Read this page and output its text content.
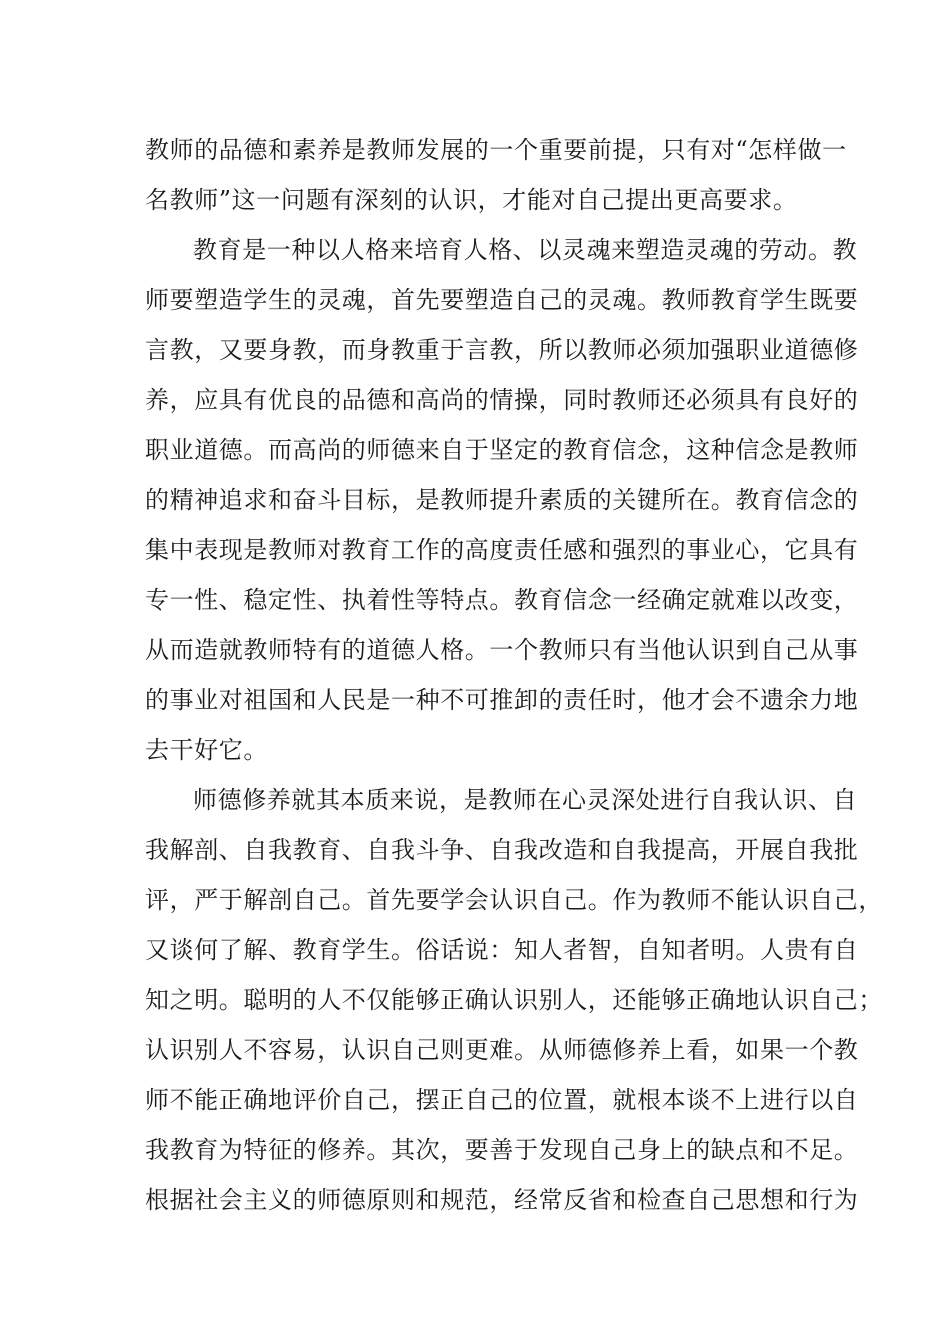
教师的品德和素养是教师发展的一个重要前提，只有对“怎样做一
名教师”这一问题有深刻的认识，才能对自己提出更高要求。
教育是一种以人格来培育人格、以灵魂来塑造灵魂的劳动。教
师要塑造学生的灵魂，首先要塑造自己的灵魂。教师教育学生既要
言教，又要身教，而身教重于言教，所以教师必须加强职业道德修
养，应具有优良的品德和高尚的情操，同时教师还必须具有良好的
职业道德。而高尚的师德来自于坚定的教育信念，这种信念是教师
的精神追求和奋斗目标，是教师提升素质的关键所在。教育信念的
集中表现是教师对教育工作的高度责任感和强烈的事业心，它具有
专一性、稳定性、执着性等特点。教育信念一经确定就难以改变，
从而造就教师特有的道德人格。一个教师只有当他认识到自己从事
的事业对祖国和人民是一种不可推卸的责任时，他才会不遗余力地
去干好它。
师德修养就其本质来说，是教师在心灵深处进行自我认识、自
我解剖、自我教育、自我斗争、自我改造和自我提高，开展自我批
评，严于解剖自己。首先要学会认识自己。作为教师不能认识自己，
又谈何了解、教育学生。俗话说：知人者智，自知者明。人贵有自
知之明。聪明的人不仅能够正确认识别人，还能够正确地认识自己；
认识别人不容易，认识自己则更难。从师德修养上看，如果一个教
师不能正确地评价自己，摆正自己的位置，就根本谈不上进行以自
我教育为特征的修养。其次，要善于发现自己身上的缺点和不足。
根据社会主义的师德原则和规范，经常反省和检查自己思想和行为
